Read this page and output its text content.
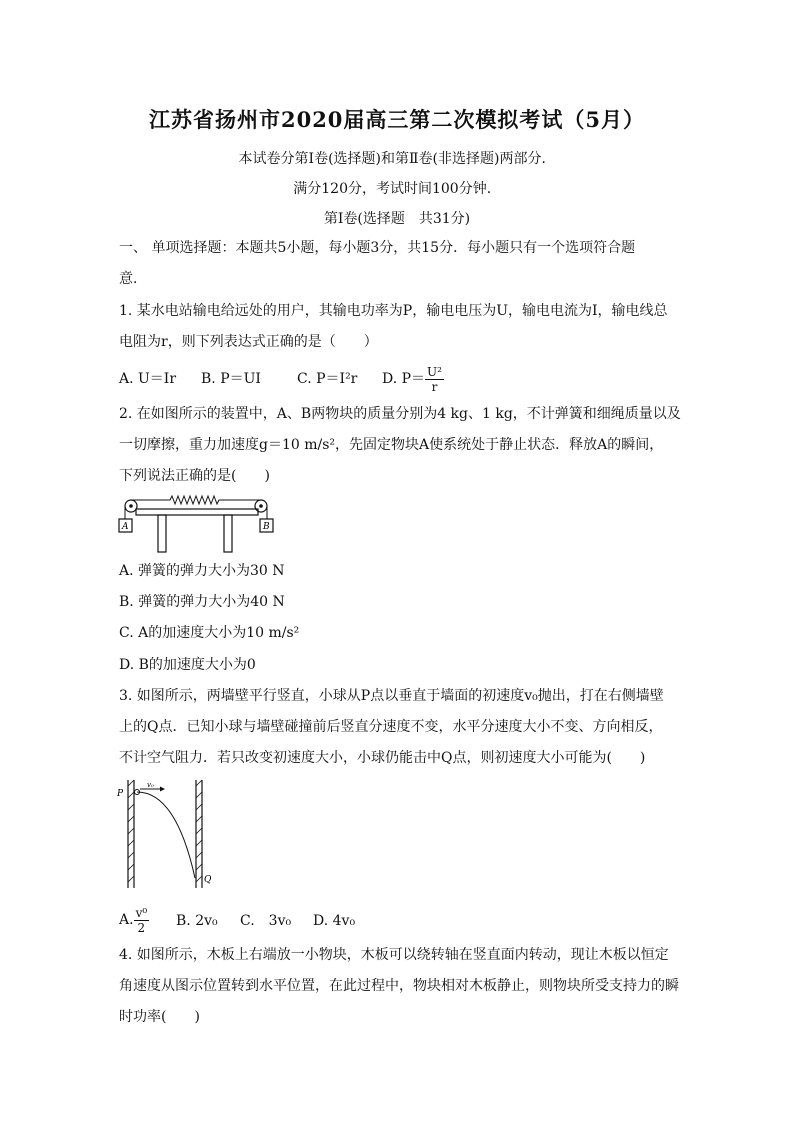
江苏省扬州市2020届高三第二次模拟考试（5月）
本试卷分第Ⅰ卷(选择题)和第Ⅱ卷(非选择题)两部分．
满分120分，考试时间100分钟．
第Ⅰ卷(选择题　共31分)
一、 单项选择题：本题共5小题，每小题3分，共15分．每小题只有一个选项符合题
意．
1. 某水电站输电给远处的用户，其输电功率为P，输电电压为U，输电电流为I，输电线总
电阻为r，则下列表达式正确的是（　　）
A. U＝Ir B. P＝UI	C. P＝I²r D. $P= \frac{\text{U²}}{r}$
2. 在如图所示的装置中，A、B两物块的质量分别为4 kg、1 kg，不计弹簧和细绳质量以及
一切摩擦，重力加速度g＝10 m/s²，先固定物块A使系统处于静止状态．释放A的瞬间，
下列说法正确的是(　　)
A	B
A. 弹簧的弹力大小为30 N
B. 弹簧的弹力大小为40 N
C. A的加速度大小为10 m/s²
D. B的加速度大小为0
3. 如图所示，两墙壁平行竖直，小球从P点以垂直于墙面的初速度v₀抛出，打在右侧墙壁
上的Q点．已知小球与墙壁碰撞前后竖直分速度不变，水平分速度大小不变、方向相反，
不计空气阻力．若只改变初速度大小，小球仍能击中Q点，则初速度大小可能为(　　)
P
v₀
Q
A. $\frac{\text{v⁰}}{2} B$. 2v₀ C.　3v₀ D. 4v₀
4. 如图所示，木板上右端放一小物块，木板可以绕转轴在竖直面内转动，现让木板以恒定
角速度从图示位置转到水平位置，在此过程中，物块相对木板静止，则物块所受支持力的瞬
时功率(　　)
